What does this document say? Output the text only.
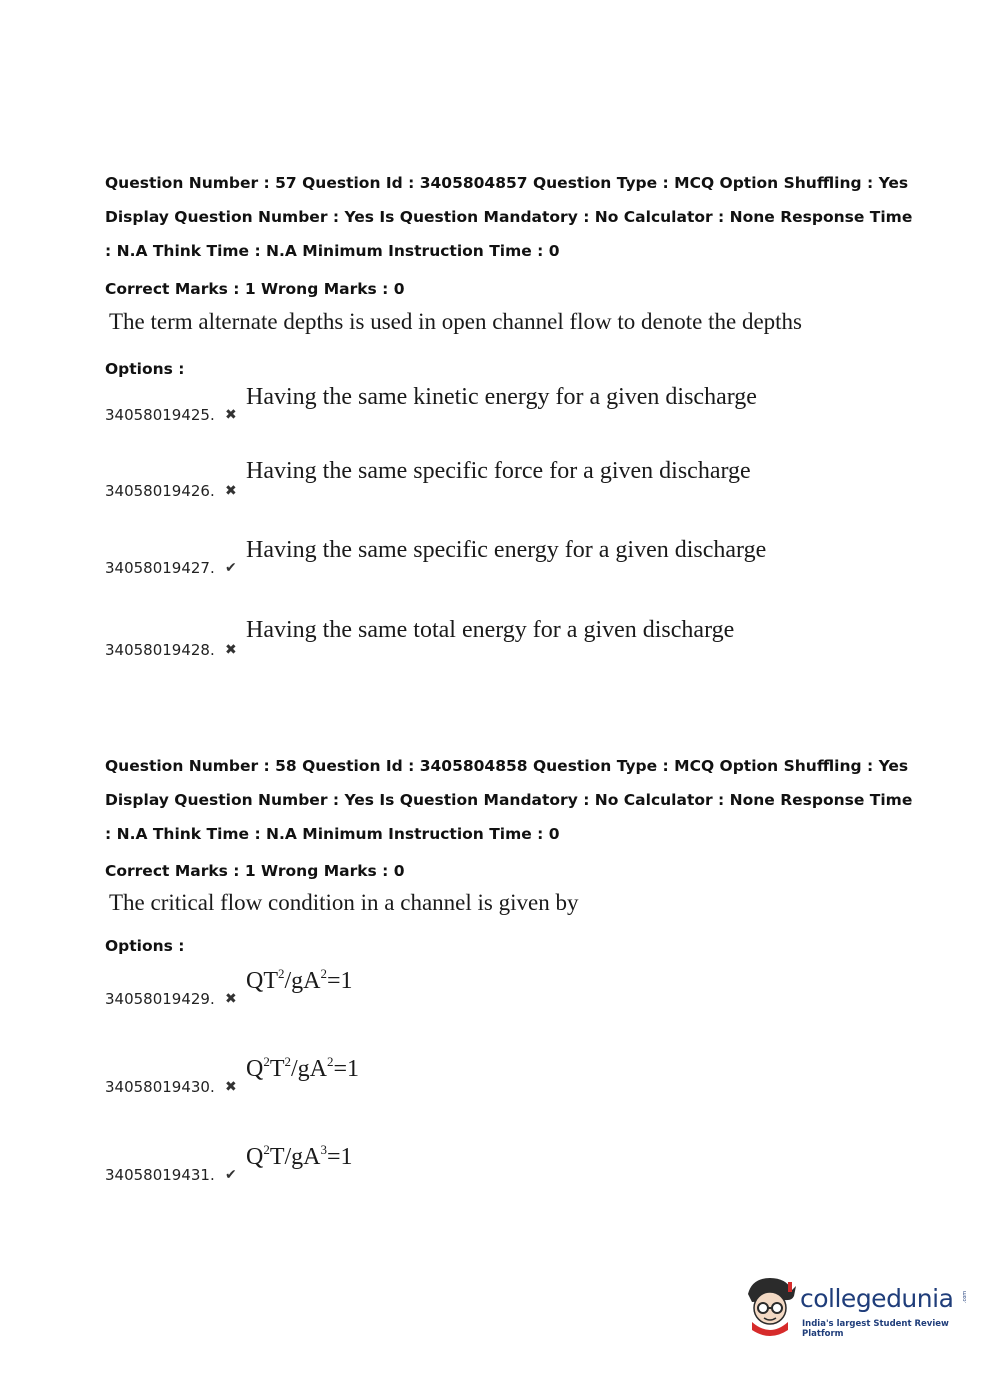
Question Number : 57 Question Id : 3405804857 Question Type : MCQ Option Shuffling : Yes
Display Question Number : Yes Is Question Mandatory : No Calculator : None Response Time
: N.A Think Time : N.A Minimum Instruction Time : 0
Correct Marks : 1 Wrong Marks : 0
The term alternate depths is used in open channel flow to denote the depths
Options :
34058019425. ✖
Having the same kinetic energy for a given discharge
34058019426. ✖
Having the same specific force for a given discharge
34058019427. ✔
Having the same specific energy for a given discharge
34058019428. ✖
Having the same total energy for a given discharge
Question Number : 58 Question Id : 3405804858 Question Type : MCQ Option Shuffling : Yes
Display Question Number : Yes Is Question Mandatory : No Calculator : None Response Time
: N.A Think Time : N.A Minimum Instruction Time : 0
Correct Marks : 1 Wrong Marks : 0
The critical flow condition in a channel is given by
Options :
34058019429. ✖
$QT^2/gA^2=1$
34058019430. ✖
$Q^2T^2/gA^2=1$
34058019431. ✔
$Q^2T/gA^3=1$
collegedunia
India's largest Student Review Platform
.com
